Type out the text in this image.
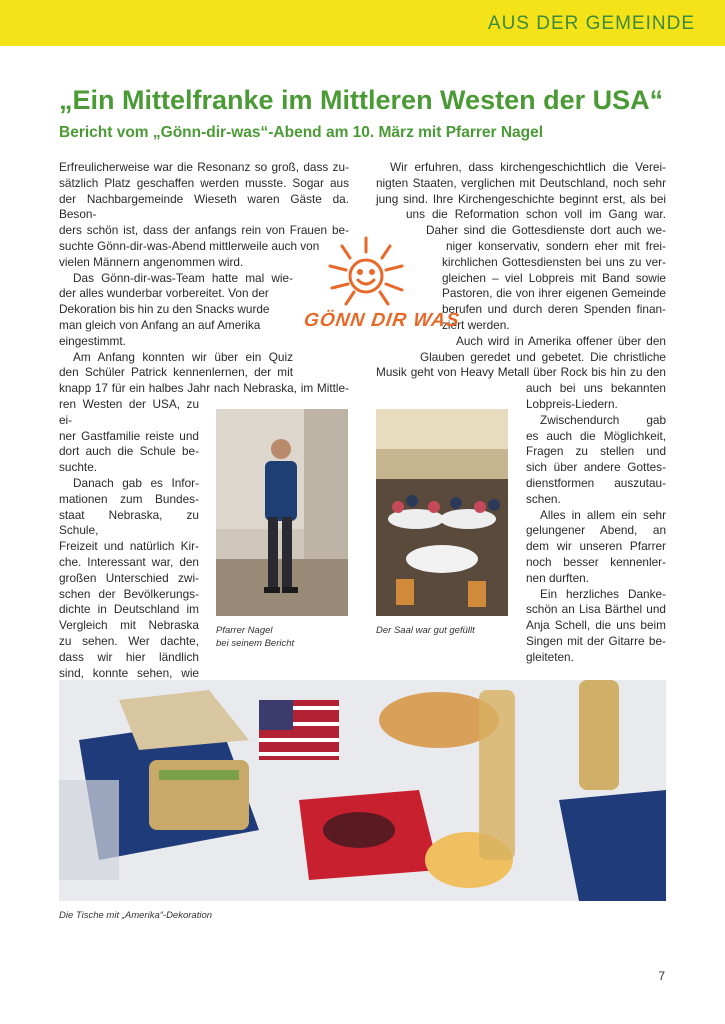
AUS DER GEMEINDE
„Ein Mittelfranke im Mittleren Westen der USA“
Bericht vom „Gönn-dir-was“-Abend am 10. März mit Pfarrer Nagel
Erfreulicherweise war die Resonanz so groß, dass zu-
sätzlich Platz geschaffen werden musste. Sogar aus
der Nachbargemeinde Wieseth waren Gäste da. Beson-
ders schön ist, dass der anfangs rein von Frauen be-
suchte Gönn-dir-was-Abend mittlerweile auch von
vielen Männern angenommen wird.
Das Gönn-dir-was-Team hatte mal wie-
der alles wunderbar vorbereitet. Von der
Dekoration bis hin zu den Snacks wurde
man gleich von Anfang an auf Amerika
eingestimmt.
Am Anfang konnten wir über ein Quiz
den Schüler Patrick kennenlernen, der mit
knapp 17 für ein halbes Jahr nach Nebraska, im Mittle-
ren Westen der USA, zu ei-
ner Gastfamilie reiste und
dort auch die Schule be-
suchte.
Danach gab es Infor-
mationen zum Bundes-
staat Nebraska, zu Schule,
Freizeit und natürlich Kir-
che. Interessant war, den
großen Unterschied zwi-
schen der Bevölkerungs-
dichte in Deutschland im
Vergleich mit Nebraska
zu sehen. Wer dachte,
dass wir hier ländlich
sind, konnte sehen, wie
Wir erfuhren, dass kirchengeschichtlich die Verei-
nigten Staaten, verglichen mit Deutschland, noch sehr
jung sind. Ihre Kirchengeschichte beginnt erst, als bei
uns die Reformation schon voll im Gang war.
Daher sind die Gottesdienste dort auch we-
niger konservativ, sondern eher mit frei-
kirchlichen Gottesdiensten bei uns zu ver-
gleichen – viel Lobpreis mit Band sowie
Pastoren, die von ihrer eigenen Gemeinde
berufen und durch deren Spenden finan-
ziert werden.
Auch wird in Amerika offener über den
Glauben geredet und gebetet. Die christliche
Musik geht von Heavy Metall über Rock bis hin zu den
auch bei uns bekannten
Lobpreis-Liedern.
Zwischendurch gab
es auch die Möglichkeit,
Fragen zu stellen und
sich über andere Gottes-
dienstformen auszutau-
schen.
Alles in allem ein sehr
gelungener Abend, an
dem wir unseren Pfarrer
noch besser kennenler-
nen durften.
Ein herzliches Danke-
schön an Lisa Bärthel und
Anja Schell, die uns beim
Singen mit der Gitarre be-
gleiteten.
GÖNN DIR WAS
Pfarrer Nagel
bei seinem Bericht
Der Saal war gut gefüllt
Die Tische mit „Amerika“-Dekoration
7
